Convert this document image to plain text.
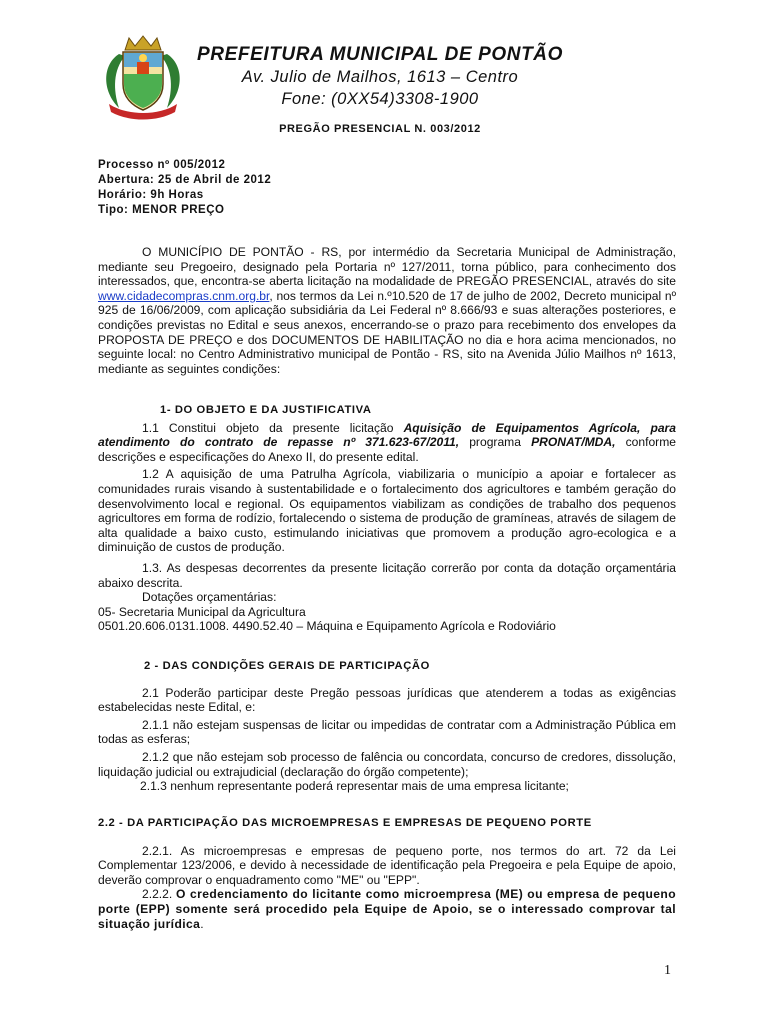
PREFEITURA MUNICIPAL DE PONTÃO
Av. Julio de Mailhos, 1613 – Centro
Fone: (0XX54)3308-1900
PREGÃO PRESENCIAL N. 003/2012
Processo nº 005/2012
Abertura: 25 de Abril de 2012
Horário: 9h Horas
Tipo: MENOR PREÇO

O MUNICÍPIO DE PONTÃO - RS, por intermédio da Secretaria Municipal de Administração, mediante seu Pregoeiro, designado pela Portaria nº 127/2011, torna público, para conhecimento dos interessados, que, encontra-se aberta licitação na modalidade de PREGÃO PRESENCIAL, através do site www.cidadecompras.cnm.org.br, nos termos da Lei n.º10.520 de 17 de julho de 2002, Decreto municipal nº 925 de 16/06/2009, com aplicação subsidiária da Lei Federal nº 8.666/93 e suas alterações posteriores, e condições previstas no Edital e seus anexos, encerrando-se o prazo para recebimento dos envelopes da PROPOSTA DE PREÇO e dos DOCUMENTOS DE HABILITAÇÃO no dia e hora acima mencionados, no seguinte local: no Centro Administrativo municipal de Pontão - RS, sito na Avenida Júlio Mailhos nº 1613, mediante as seguintes condições:

1- DO OBJETO E DA JUSTIFICATIVA

1.1 Constitui objeto da presente licitação Aquisição de Equipamentos Agrícola, para atendimento do contrato de repasse nº 371.623-67/2011, programa PRONAT/MDA, conforme descrições e especificações do Anexo II, do presente edital.

1.2 A aquisição de uma Patrulha Agrícola, viabilizaria o município a apoiar e fortalecer as comunidades rurais visando à sustentabilidade e o fortalecimento dos agricultores e também geração do desenvolvimento local e regional. Os equipamentos viabilizam as condições de trabalho dos pequenos agricultores em forma de rodízio, fortalecendo o sistema de produção de gramíneas, através de silagem de alta qualidade a baixo custo, estimulando iniciativas que promovem a produção agro-ecologica e a diminuição de custos de produção.

1.3. As despesas decorrentes da presente licitação correrão por conta da dotação orçamentária abaixo descrita.

Dotações orçamentárias:

05- Secretaria Municipal da Agricultura

0501.20.606.0131.1008. 4490.52.40 – Máquina e Equipamento Agrícola e Rodoviário

2 - DAS CONDIÇÕES GERAIS DE PARTICIPAÇÃO

2.1 Poderão participar deste Pregão pessoas jurídicas que atenderem a todas as exigências estabelecidas neste Edital, e:

2.1.1 não estejam suspensas de licitar ou impedidas de contratar com a Administração Pública em todas as esferas;

2.1.2 que não estejam sob processo de falência ou concordata, concurso de credores, dissolução, liquidação judicial ou extrajudicial (declaração do órgão competente);

2.1.3 nenhum representante poderá representar mais de uma empresa licitante;

2.2 - DA PARTICIPAÇÃO DAS MICROEMPRESAS E EMPRESAS DE PEQUENO PORTE

2.2.1. As microempresas e empresas de pequeno porte, nos termos do art. 72 da Lei Complementar 123/2006, e devido à necessidade de identificação pela Pregoeira e pela Equipe de apoio, deverão comprovar o enquadramento como "ME" ou "EPP".

2.2.2. O credenciamento do licitante como microempresa (ME) ou empresa de pequeno porte (EPP) somente será procedido pela Equipe de Apoio, se o interessado comprovar tal situação jurídica.

1
